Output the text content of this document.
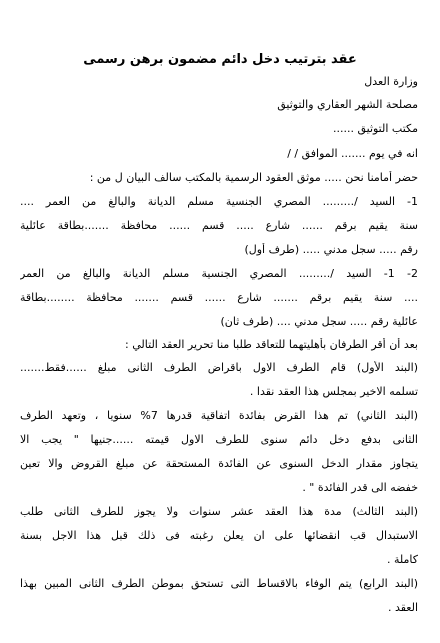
عقد بترتيب دخل دائم مضمون برهن رسمى
وزارة العدل
مصلحة الشهر العقاري والتوثيق
مكتب التوثيق ......
انه في يوم ....... الموافق / /
حضر أمامنا نحن ..... موثق العقود الرسمية بالمكتب سالف البيان ل من :
1- السيد /......... المصري الجنسية مسلم الديانة والبالغ من العمر ....
سنة يقيم برقم ...... شارع ..... قسم ...... محافظة .......بطاقة عائلية
رقم ..... سجل مدني ..... (طرف أول)
2- 1- السيد /......... المصري الجنسية مسلم الديانة والبالغ من العمر
.... سنة يقيم برقم ....... شارع ...... قسم ....... محافظة ........بطاقة
عائلية رقم ..... سجل مدني .... (طرف ثان)
بعد أن أقر الطرفان بأهليتهما للتعاقد طلبا منا تحرير العقد التالي :
(البند الأول) قام الطرف الاول باقراض الطرف الثانى مبلغ ......فقط.......
تسلمه الاخير بمجلس هذا العقد نقدا .
(البند الثاني) تم هذا القرض بفائدة اتفاقية قدرها 7% سنويا ، وتعهد الطرف
الثانى بدفع دخل دائم سنوى للطرف الاول قيمته ......جنيها " يجب الا
يتجاوز مقدار الدخل السنوى عن الفائدة المستحقة عن مبلغ القروض والا تعين
خفضه الى قدر الفائدة " .
(البند الثالث) مدة هذا العقد عشر سنوات ولا يجوز للطرف الثانى طلب
الاستبدال قب انقضائها على ان يعلن رغبته فى ذلك قبل هذا الاجل بسنة
كاملة .
(البند الرابع) يتم الوفاء بالاقساط التى تستحق بموطن الطرف الثانى المبين بهذا
العقد .
